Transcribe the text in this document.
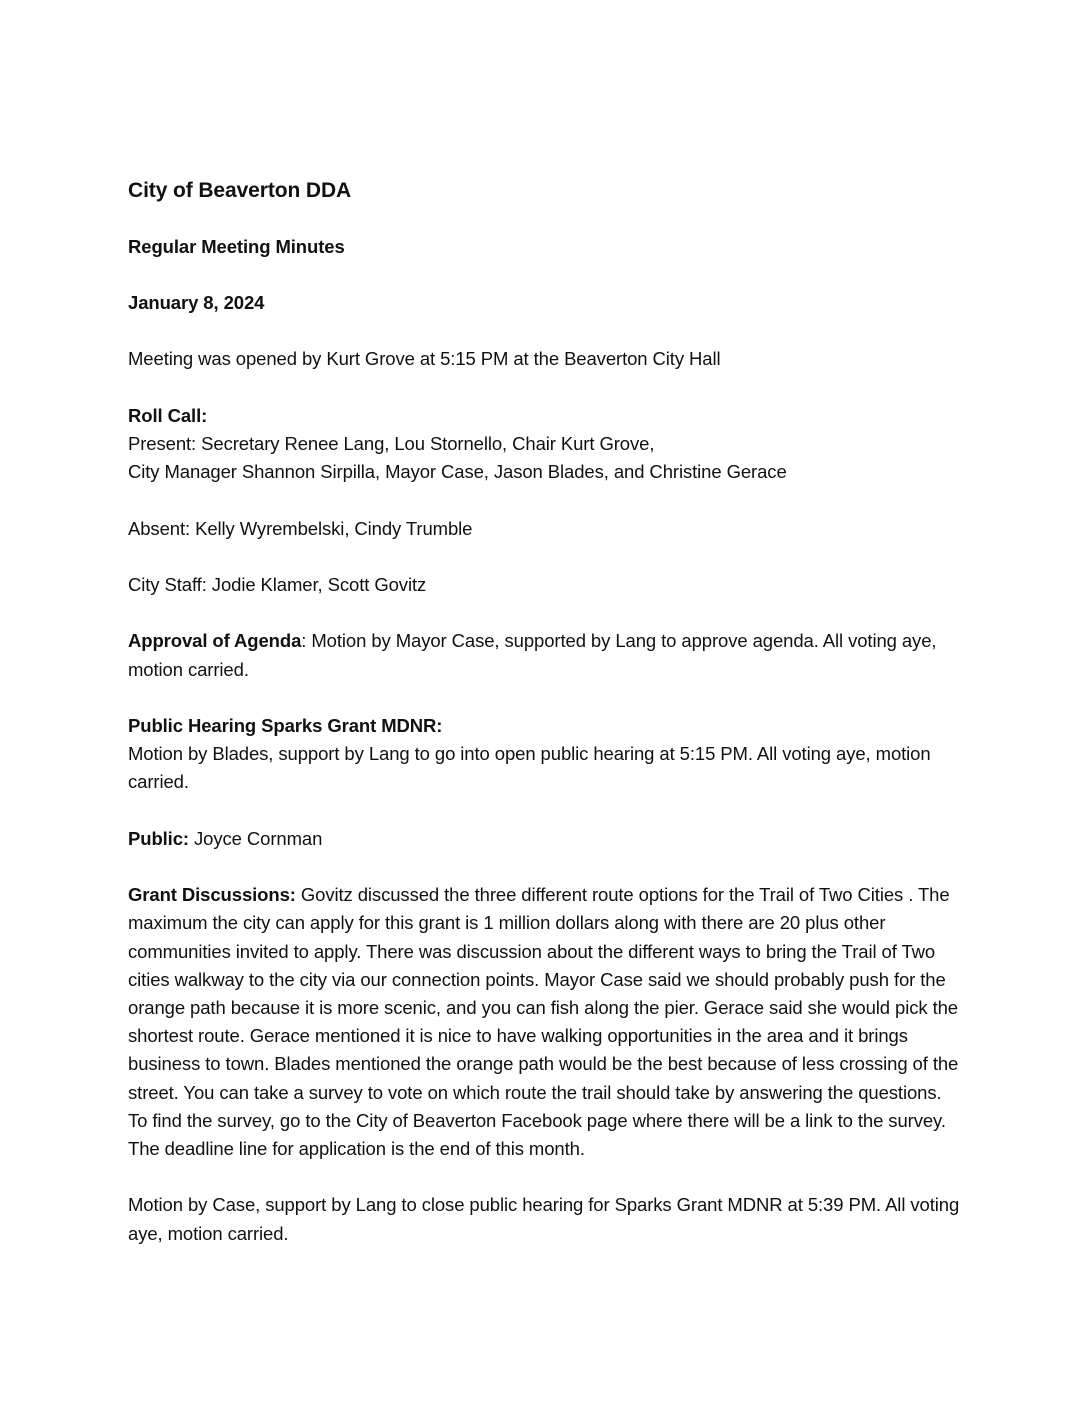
City of Beaverton DDA
Regular Meeting Minutes
January 8, 2024

Meeting was opened by Kurt Grove at 5:15 PM at the Beaverton City Hall

Roll Call:
Present: Secretary Renee Lang, Lou Stornello, Chair Kurt Grove,
City Manager Shannon Sirpilla, Mayor Case, Jason Blades, and Christine Gerace

Absent: Kelly Wyrembelski, Cindy Trumble

City Staff: Jodie Klamer, Scott Govitz

Approval of Agenda: Motion by Mayor Case, supported by Lang to approve agenda. All voting aye, motion carried.

Public Hearing Sparks Grant MDNR:
Motion by Blades, support by Lang to go into open public hearing at 5:15 PM. All voting aye, motion carried.

Public: Joyce Cornman

Grant Discussions: Govitz discussed the three different route options for the Trail of Two Cities . The maximum the city can apply for this grant is 1 million dollars along with there are 20 plus other communities invited to apply. There was discussion about the different ways to bring the Trail of Two cities walkway to the city via our connection points. Mayor Case said we should probably push for the orange path because it is more scenic, and you can fish along the pier. Gerace said she would pick the shortest route. Gerace mentioned it is nice to have walking opportunities in the area and it brings business to town. Blades mentioned the orange path would be the best because of less crossing of the street. You can take a survey to vote on which route the trail should take by answering the questions. To find the survey, go to the City of Beaverton Facebook page where there will be a link to the survey. The deadline line for application is the end of this month.

Motion by Case, support by Lang to close public hearing for Sparks Grant MDNR at 5:39 PM. All voting aye, motion carried.
